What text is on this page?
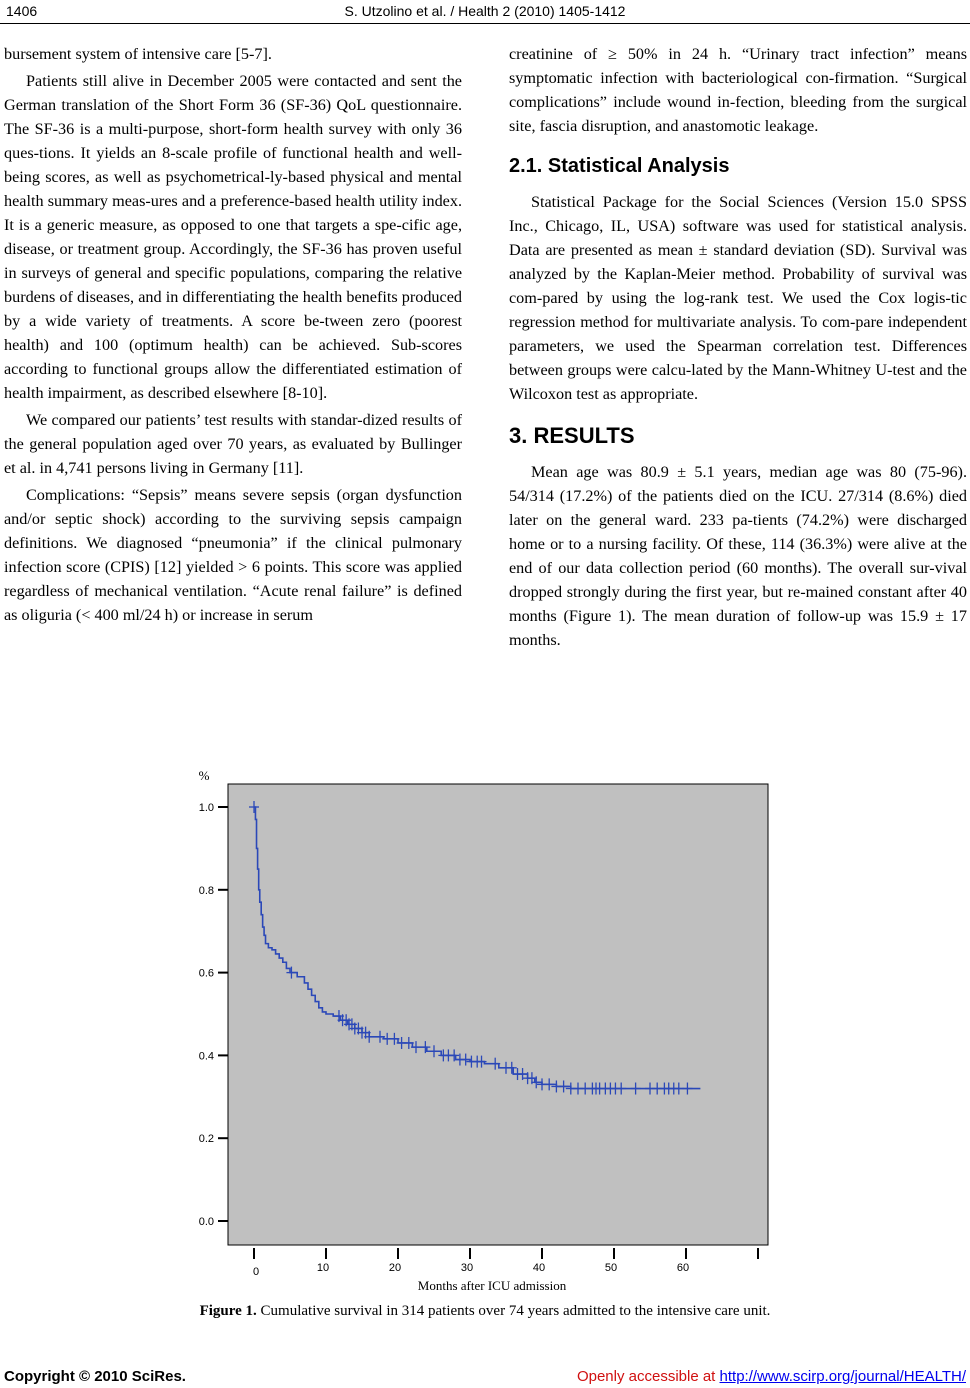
1406	S. Utzolino et al. / Health 2 (2010) 1405-1412

bursement system of intensive care [5-7].

Patients still alive in December 2005 were contacted and sent the German translation of the Short Form 36 (SF-36) QoL questionnaire. The SF-36 is a multi-purpose, short-form health survey with only 36 ques-tions. It yields an 8-scale profile of functional health and well-being scores, as well as psychometrical-ly-based physical and mental health summary meas-ures and a preference-based health utility index. It is a generic measure, as opposed to one that targets a spe-cific age, disease, or treatment group. Accordingly, the SF-36 has proven useful in surveys of general and specific populations, comparing the relative burdens of diseases, and in differentiating the health benefits produced by a wide variety of treatments. A score be-tween zero (poorest health) and 100 (optimum health) can be achieved. Sub-scores according to functional groups allow the differentiated estimation of health impairment, as described elsewhere [8-10].

We compared our patients’ test results with standar-dized results of the general population aged over 70 years, as evaluated by Bullinger et al. in 4,741 persons living in Germany [11].

Complications: “Sepsis” means severe sepsis (organ dysfunction and/or septic shock) according to the surviving sepsis campaign definitions. We diagnosed “pneumonia” if the clinical pulmonary infection score (CPIS) [12] yielded > 6 points. This score was applied regardless of mechanical ventilation. “Acute renal failure” is defined as oliguria (< 400 ml/24 h) or increase in serum

creatinine of ≥ 50% in 24 h. “Urinary tract infection” means symptomatic infection with bacteriological con-firmation. “Surgical complications” include wound in-fection, bleeding from the surgical site, fascia disruption, and anastomotic leakage.

2.1. Statistical Analysis

Statistical Package for the Social Sciences (Version 15.0 SPSS Inc., Chicago, IL, USA) software was used for statistical analysis. Data are presented as mean ± standard deviation (SD). Survival was analyzed by the Kaplan-Meier method. Probability of survival was com-pared by using the log-rank test. We used the Cox logis-tic regression method for multivariate analysis. To com-pare independent parameters, we used the Spearman correlation test. Differences between groups were calcu-lated by the Mann-Whitney U-test and the Wilcoxon test as appropriate.

3. RESULTS

Mean age was 80.9 ± 5.1 years, median age was 80 (75-96). 54/314 (17.2%) of the patients died on the ICU. 27/314 (8.6%) died later on the general ward. 233 pa-tients (74.2%) were discharged home or to a nursing facility. Of these, 114 (36.3%) were alive at the end of our data collection period (60 months). The overall sur-vival dropped strongly during the first year, but re-mained constant after 40 months (Figure 1). The mean duration of follow-up was 15.9 ± 17 months.

0.0
0.2
0.4
0.6
0.8
1.0
%
0	10	20	30	40	50	60
Months after ICU admission
Figure 1. Cumulative survival in 314 patients over 74 years admitted to the intensive care unit.
Copyright © 2010 SciRes.	Openly accessible at http://www.scirp.org/journal/HEALTH/
